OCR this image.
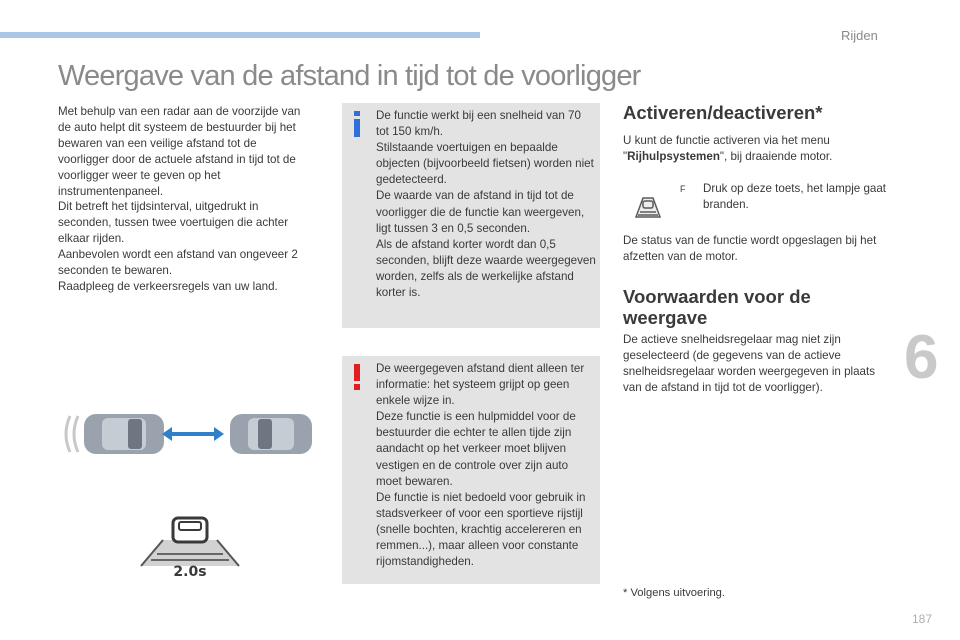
Rijden
Weergave van de afstand in tijd tot de voorligger

Met behulp van een radar aan de voorzijde van de auto helpt dit systeem de bestuurder bij het bewaren van een veilige afstand tot de voorligger door de actuele afstand in tijd tot de voorligger weer te geven op het instrumentenpaneel.

Dit betreft het tijdsinterval, uitgedrukt in seconden, tussen twee voertuigen die achter elkaar rijden.

Aanbevolen wordt een afstand van ongeveer 2 seconden te bewaren.

Raadpleeg de verkeersregels van uw land.

2.0s

De functie werkt bij een snelheid van 70 tot 150 km/h.

Stilstaande voertuigen en bepaalde objecten (bijvoorbeeld fietsen) worden niet gedetecteerd.

De waarde van de afstand in tijd tot de voorligger die de functie kan weergeven, ligt tussen 3 en 0,5 seconden.

Als de afstand korter wordt dan 0,5 seconden, blijft deze waarde weergegeven worden, zelfs als de werkelijke afstand korter is.

De weergegeven afstand dient alleen ter informatie: het systeem grijpt op geen enkele wijze in.

Deze functie is een hulpmiddel voor de bestuurder die echter te allen tijde zijn aandacht op het verkeer moet blijven vestigen en de controle over zijn auto moet bewaren.

De functie is niet bedoeld voor gebruik in stadsverkeer of voor een sportieve rijstijl (snelle bochten, krachtig accelereren en remmen...), maar alleen voor constante rijomstandigheden.

Activeren/deactiveren*

U kunt de functie activeren via het menu "Rijhulpsystemen", bij draaiende motor.

F Druk op deze toets, het lampje gaat branden.

De status van de functie wordt opgeslagen bij het afzetten van de motor.

Voorwaarden voor de weergave

De actieve snelheidsregelaar mag niet zijn geselecteerd (de gegevens van de actieve snelheidsregelaar worden weergegeven in plaats van de afstand in tijd tot de voorligger).

* Volgens uitvoering.
6
187
